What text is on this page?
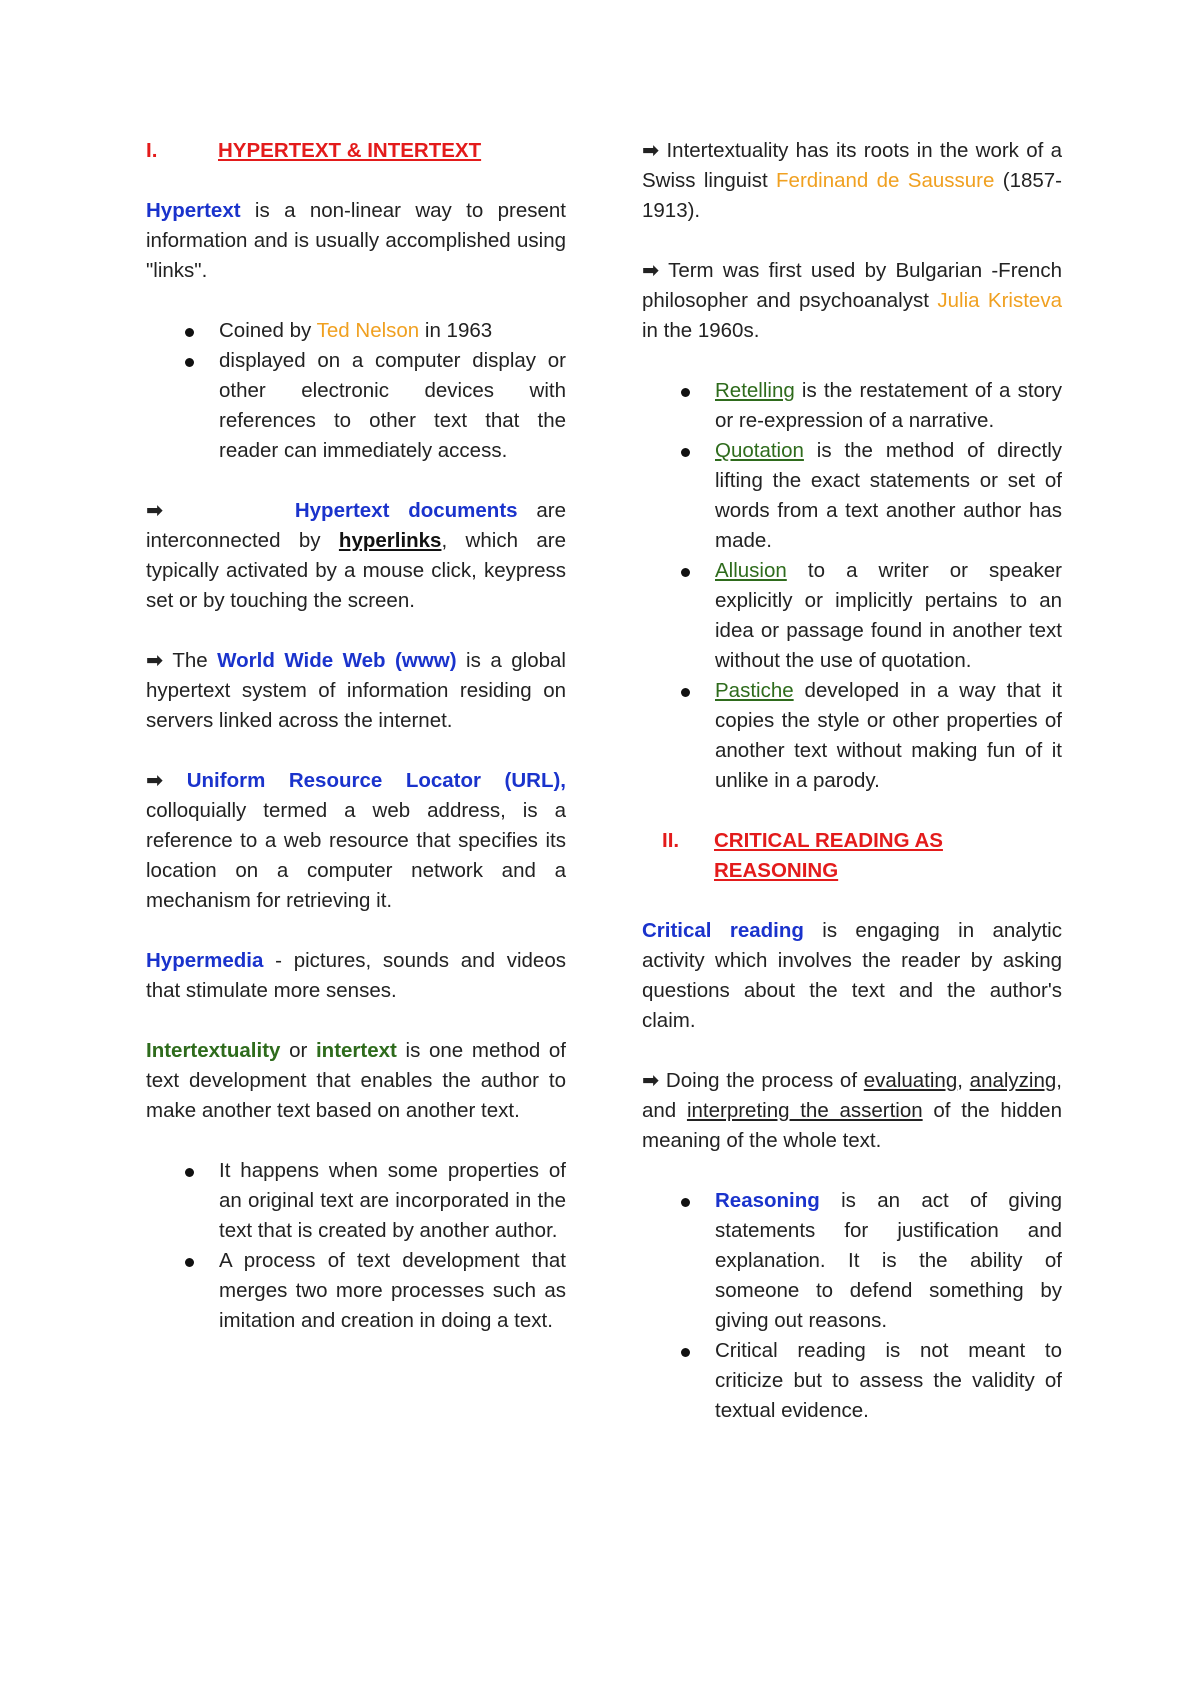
I.	HYPERTEXT & INTERTEXT

Hypertext is a non-linear way to present information and is usually accomplished using "links".

Coined by Ted Nelson in 1963
displayed on a computer display or other electronic devices with references to other text that the reader can immediately access.

➡	Hypertext documents are interconnected by hyperlinks, which are typically activated by a mouse click, keypress set or by touching the screen.

➡ The World Wide Web (www) is a global hypertext system of information residing on servers linked across the internet.

➡ Uniform Resource Locator (URL), colloquially termed a web address, is a reference to a web resource that specifies its location on a computer network and a mechanism for retrieving it.

Hypermedia - pictures, sounds and videos that stimulate more senses.

Intertextuality or intertext is one method of text development that enables the author to make another text based on another text.

It happens when some properties of an original text are incorporated in the text that is created by another author.
A process of text development that merges two more processes such as imitation and creation in doing a text.

➡ Intertextuality has its roots in the work of a Swiss linguist Ferdinand de Saussure (1857-1913).

➡ Term was first used by Bulgarian -French philosopher and psychoanalyst Julia Kristeva in the 1960s.

Retelling is the restatement of a story or re-expression of a narrative.
Quotation is the method of directly lifting the exact statements or set of words from a text another author has made.
Allusion to a writer or speaker explicitly or implicitly pertains to an idea or passage found in another text without the use of quotation.
Pastiche developed in a way that it copies the style or other properties of another text without making fun of it unlike in a parody.
II.	CRITICAL READING AS REASONING

Critical reading is engaging in analytic activity which involves the reader by asking questions about the text and the author's claim.

➡ Doing the process of evaluating, analyzing, and interpreting the assertion of the hidden meaning of the whole text.

Reasoning is an act of giving statements for justification and explanation. It is the ability of someone to defend something by giving out reasons.
Critical reading is not meant to criticize but to assess the validity of textual evidence.
